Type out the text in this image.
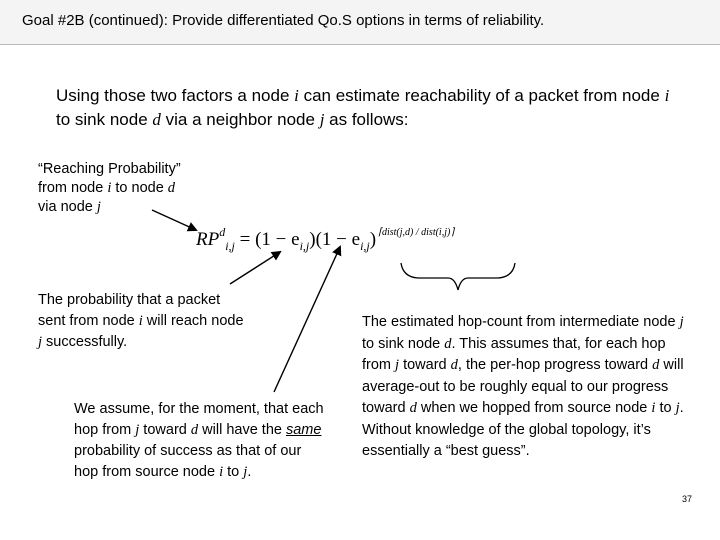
Goal #2B (continued): Provide differentiated Qo.S options in terms of reliability.
Using those two factors a node i can estimate reachability of a packet from node i to sink node d via a neighbor node j as follows:
“Reaching Probability”
from node i to node d
via node j
$RP^d_{i,j} = (1 - e_{i,j})(1 - e_{i,j})$ $^{⌈dist(j,d) / dist(i,j)⌉}$
The probability that a packet sent from node i will reach node j successfully.
We assume, for the moment, that each hop from j toward d will have the same probability of success as that of our hop from source node i to j.
The estimated hop-count from intermediate node j to sink node d. This assumes that, for each hop from j toward d, the per-hop progress toward d will average-out to be roughly equal to our progress toward d when we hopped from source node i to j. Without knowledge of the global topology, it’s essentially a “best guess”.
37
